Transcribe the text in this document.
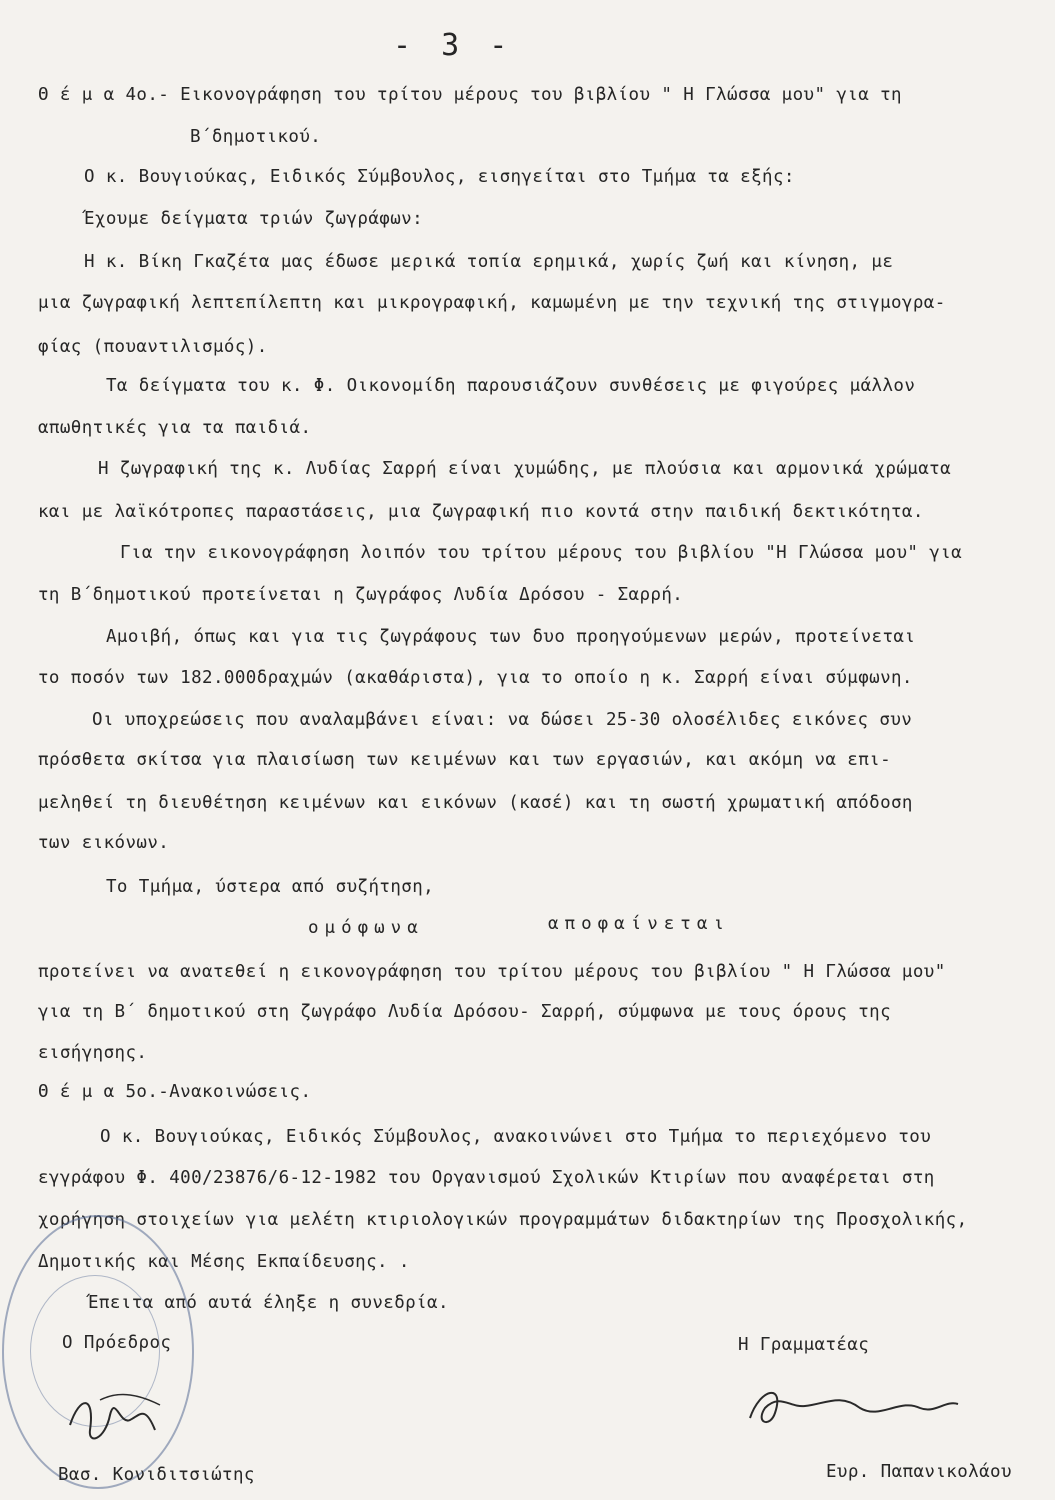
- 3 -
Θ έ μ α 4ο.- Εικονογράφηση του τρίτου μέρους του βιβλίου " Η Γλώσσα μου" για τη
Β΄δημοτικού.
Ο κ. Βουγιούκας, Ειδικός Σύμβουλος, εισηγείται στο Τμήμα τα εξής:
Έχουμε δείγματα τριών ζωγράφων:
Η κ. Βίκη Γκαζέτα μας έδωσε μερικά τοπία ερημικά, χωρίς ζωή και κίνηση, με
μια ζωγραφική λεπτεπίλεπτη και μικρογραφική, καμωμένη με την τεχνική της στιγμογρα-
φίας (πουαντιλισμός).
Τα δείγματα του κ. Φ. Οικονομίδη παρουσιάζουν συνθέσεις με φιγούρες μάλλον
απωθητικές για τα παιδιά.
Η ζωγραφική της κ. Λυδίας Σαρρή είναι χυμώδης, με πλούσια και αρμονικά χρώματα
και με λαϊκότροπες παραστάσεις, μια ζωγραφική πιο κοντά στην παιδική δεκτικότητα.
Για την εικονογράφηση λοιπόν του τρίτου μέρους του βιβλίου "Η Γλώσσα μου" για
τη Β΄δημοτικού προτείνεται η ζωγράφος Λυδία Δρόσου - Σαρρή.
Αμοιβή, όπως και για τις ζωγράφους των δυο προηγούμενων μερών, προτείνεται
το ποσόν των 182.000δραχμών (ακαθάριστα), για το οποίο η κ. Σαρρή είναι σύμφωνη.
Οι υποχρεώσεις που αναλαμβάνει είναι: να δώσει 25-30 ολοσέλιδες εικόνες συν
πρόσθετα σκίτσα για πλαισίωση των κειμένων και των εργασιών, και ακόμη να επι-
μεληθεί τη διευθέτηση κειμένων και εικόνων (κασέ) και τη σωστή χρωματική απόδοση
των εικόνων.
Το Τμήμα, ύστερα από συζήτηση,
ομόφωνα	αποφαίνεται
προτείνει να ανατεθεί η εικονογράφηση του τρίτου μέρους του βιβλίου " Η Γλώσσα μου"
για τη Β΄ δημοτικού στη ζωγράφο Λυδία Δρόσου- Σαρρή, σύμφωνα με τους όρους της
εισήγησης.
Θ έ μ α 5ο.-Ανακοινώσεις.
Ο κ. Βουγιούκας, Ειδικός Σύμβουλος, ανακοινώνει στο Τμήμα το περιεχόμενο του
εγγράφου Φ. 400/23876/6-12-1982 του Οργανισμού Σχολικών Κτιρίων που αναφέρεται στη
χορήγηση στοιχείων για μελέτη κτιριολογικών προγραμμάτων διδακτηρίων της Προσχολικής,
Δημοτικής και Μέσης Εκπαίδευσης. .
Έπειτα από αυτά έληξε η συνεδρία.
Ο Πρόεδρος
Βασ. Κονιδιτσιώτης
Η Γραμματέας
Ευρ. Παπανικολάου
